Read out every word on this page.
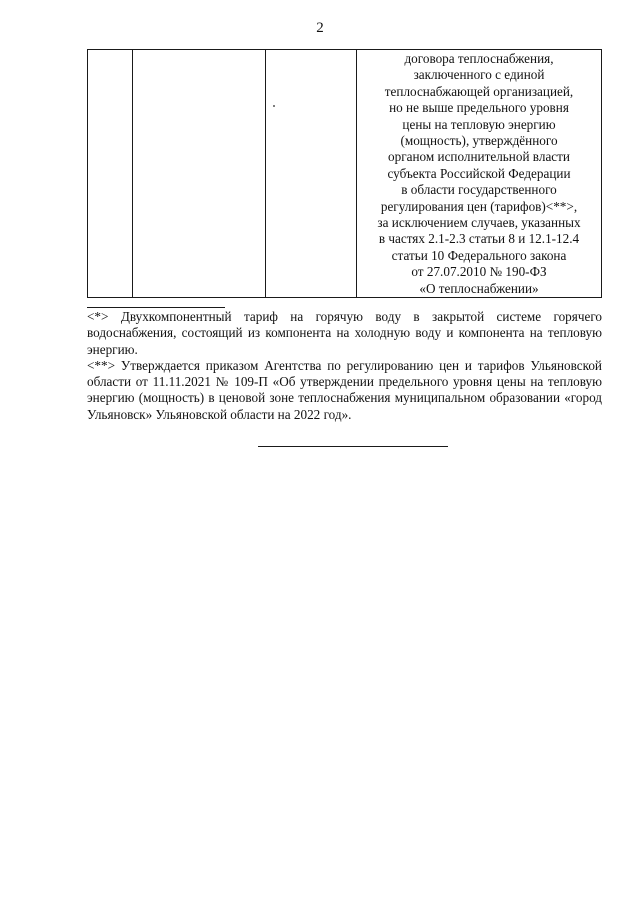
2

договора теплоснабжения,
заключенного с единой
теплоснабжающей организацией,
но не выше предельного уровня
цены на тепловую энергию
(мощность), утверждённого
органом исполнительной власти
субъекта Российской Федерации
в области государственного
регулирования цен (тарифов)<**>,
за исключением случаев, указанных
в частях 2.1-2.3 статьи 8 и 12.1-12.4
статьи 10 Федерального закона
от 27.07.2010 № 190-ФЗ
«О теплоснабжении»

<*> Двухкомпонентный тариф на горячую воду в закрытой системе горячего водоснабжения, состоящий из компонента на холодную воду и компонента на тепловую энергию.

<**> Утверждается приказом Агентства по регулированию цен и тарифов Ульяновской области от 11.11.2021 № 109-П «Об утверждении предельного уровня цены на тепловую энергию (мощность) в ценовой зоне теплоснабжения муниципальном образовании «город Ульяновск» Ульяновской области на 2022 год».
